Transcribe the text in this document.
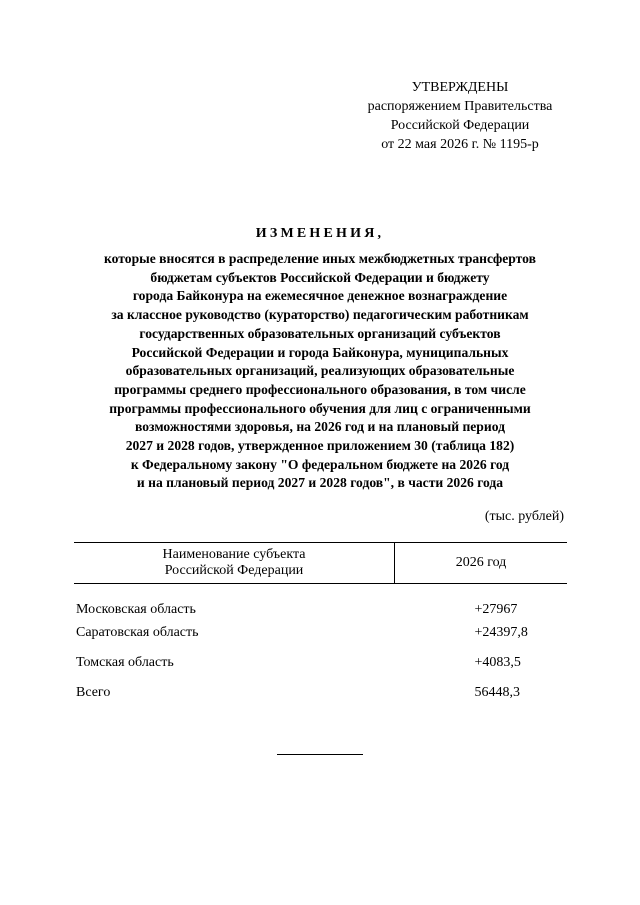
УТВЕРЖДЕНЫ
распоряжением Правительства
Российской Федерации
от 22 мая 2026 г. № 1195-р
ИЗМЕНЕНИЯ,
которые вносятся в распределение иных межбюджетных трансфертов
бюджетам субъектов Российской Федерации и бюджету
города Байконура на ежемесячное денежное вознаграждение
за классное руководство (кураторство) педагогическим работникам
государственных образовательных организаций субъектов
Российской Федерации и города Байконура, муниципальных
образовательных организаций, реализующих образовательные
программы среднего профессионального образования, в том числе
программы профессионального обучения для лиц с ограниченными
возможностями здоровья, на 2026 год и на плановый период
2027 и 2028 годов, утвержденное приложением 30 (таблица 182)
к Федеральному закону "О федеральном бюджете на 2026 год
и на плановый период 2027 и 2028 годов", в части 2026 года
(тыс. рублей)
Наименование субъекта
Российской Федерации	2026 год
Московская область	+27967
Саратовская область	+24397,8
Томская область	+4083,5
Всего	56448,3
